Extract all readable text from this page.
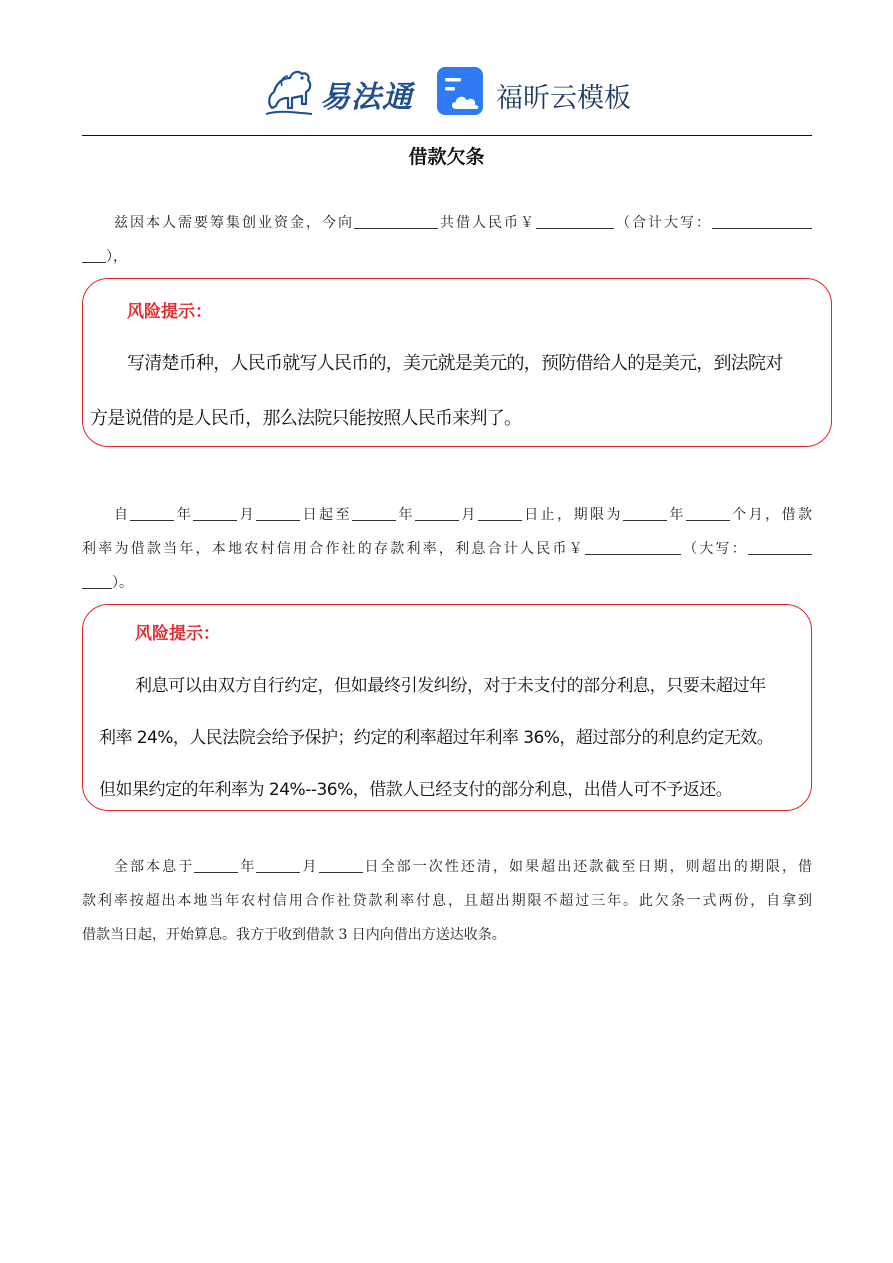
易法通	福昕云模板
借款欠条
兹因本人需要筹集创业资金，今向	共借人民币￥	（合计大写：
），
风险提示：
写清楚币种，人民币就写人民币的，美元就是美元的，预防借给人的是美元，到法院对
方是说借的是人民币，那么法院只能按照人民币来判了。
自	年	月	日起至	年	月	日止，期限为	年	个月，借款
利率为借款当年，本地农村信用合作社的存款利率，利息合计人民币￥	（大写：
）。
风险提示：
利息可以由双方自行约定，但如最终引发纠纷，对于未支付的部分利息，只要未超过年
利率 24%，人民法院会给予保护；约定的利率超过年利率 36%，超过部分的利息约定无效。
但如果约定的年利率为 24%--36%，借款人已经支付的部分利息，出借人可不予返还。
全部本息于	年	月	日全部一次性还清，如果超出还款截至日期，则超出的期限，借
款利率按超出本地当年农村信用合作社贷款利率付息，且超出期限不超过三年。此欠条一式两份，自拿到
借款当日起，开始算息。我方于收到借款 3 日内向借出方送达收条。
